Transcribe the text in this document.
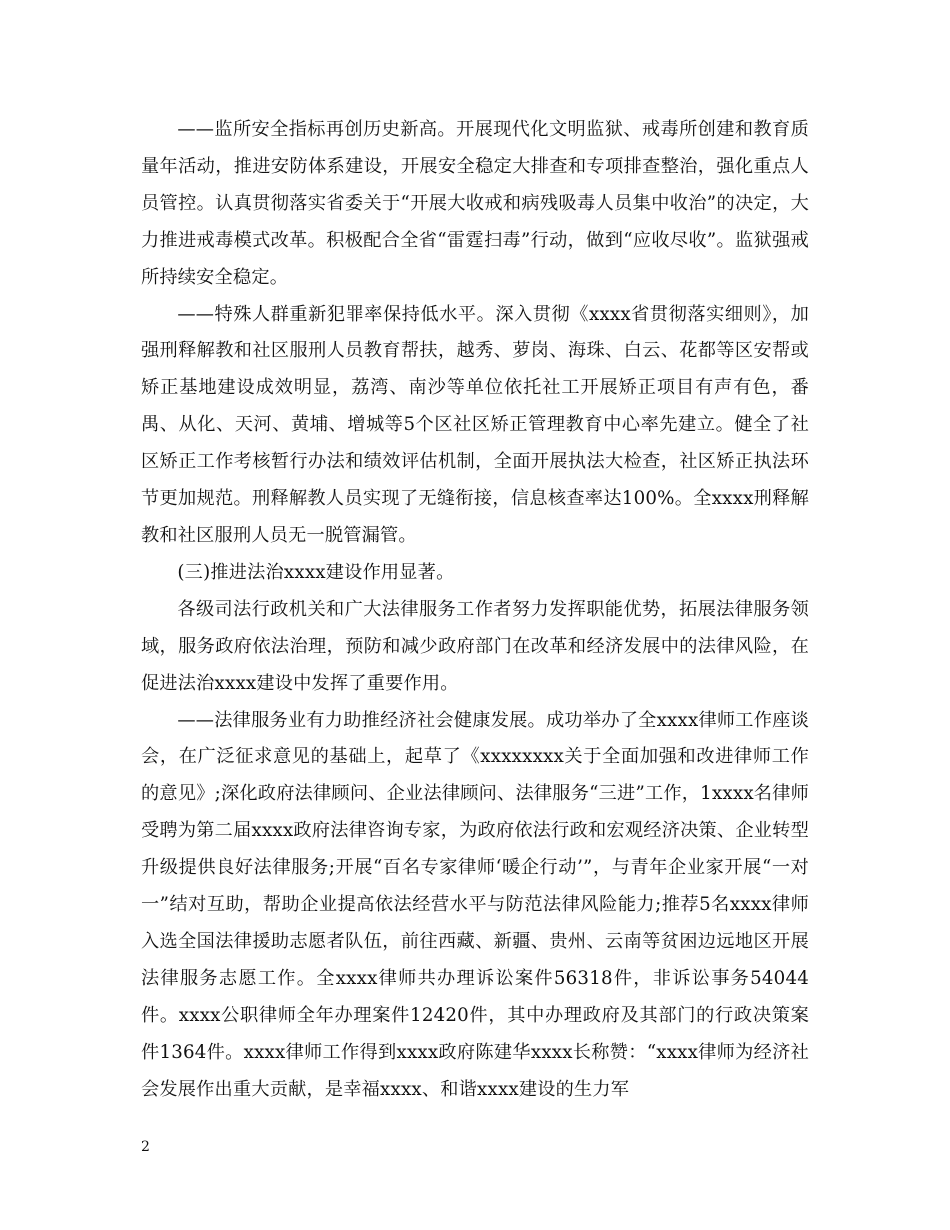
——监所安全指标再创历史新高。开展现代化文明监狱、戒毒所创建和教育质量年活动，推进安防体系建设，开展安全稳定大排查和专项排查整治，强化重点人员管控。认真贯彻落实省委关于“开展大收戒和病残吸毒人员集中收治”的决定，大力推进戒毒模式改革。积极配合全省“雷霆扫毒”行动，做到“应收尽收”。监狱强戒所持续安全稳定。

——特殊人群重新犯罪率保持低水平。深入贯彻《xxxx省贯彻落实细则》，加强刑释解教和社区服刑人员教育帮扶，越秀、萝岗、海珠、白云、花都等区安帮或矫正基地建设成效明显，荔湾、南沙等单位依托社工开展矫正项目有声有色，番禺、从化、天河、黄埔、增城等5个区社区矫正管理教育中心率先建立。健全了社区矫正工作考核暂行办法和绩效评估机制，全面开展执法大检查，社区矫正执法环节更加规范。刑释解教人员实现了无缝衔接，信息核查率达100%。全xxxx刑释解教和社区服刑人员无一脱管漏管。

(三)推进法治xxxx建设作用显著。

各级司法行政机关和广大法律服务工作者努力发挥职能优势，拓展法律服务领域，服务政府依法治理，预防和减少政府部门在改革和经济发展中的法律风险，在促进法治xxxx建设中发挥了重要作用。

——法律服务业有力助推经济社会健康发展。成功举办了全xxxx律师工作座谈会，在广泛征求意见的基础上，起草了《xxxxxxxx关于全面加强和改进律师工作的意见》;深化政府法律顾问、企业法律顾问、法律服务“三进”工作，1xxxx名律师受聘为第二届xxxx政府法律咨询专家，为政府依法行政和宏观经济决策、企业转型升级提供良好法律服务;开展“百名专家律师‘暖企行动’”，与青年企业家开展“一对一”结对互助，帮助企业提高依法经营水平与防范法律风险能力;推荐5名xxxx律师入选全国法律援助志愿者队伍，前往西藏、新疆、贵州、云南等贫困边远地区开展法律服务志愿工作。全xxxx律师共办理诉讼案件56318件，非诉讼事务54044件。xxxx公职律师全年办理案件12420件，其中办理政府及其部门的行政决策案件1364件。xxxx律师工作得到xxxx政府陈建华xxxx长称赞：“xxxx律师为经济社会发展作出重大贡献，是幸福xxxx、和谐xxxx建设的生力军

2
